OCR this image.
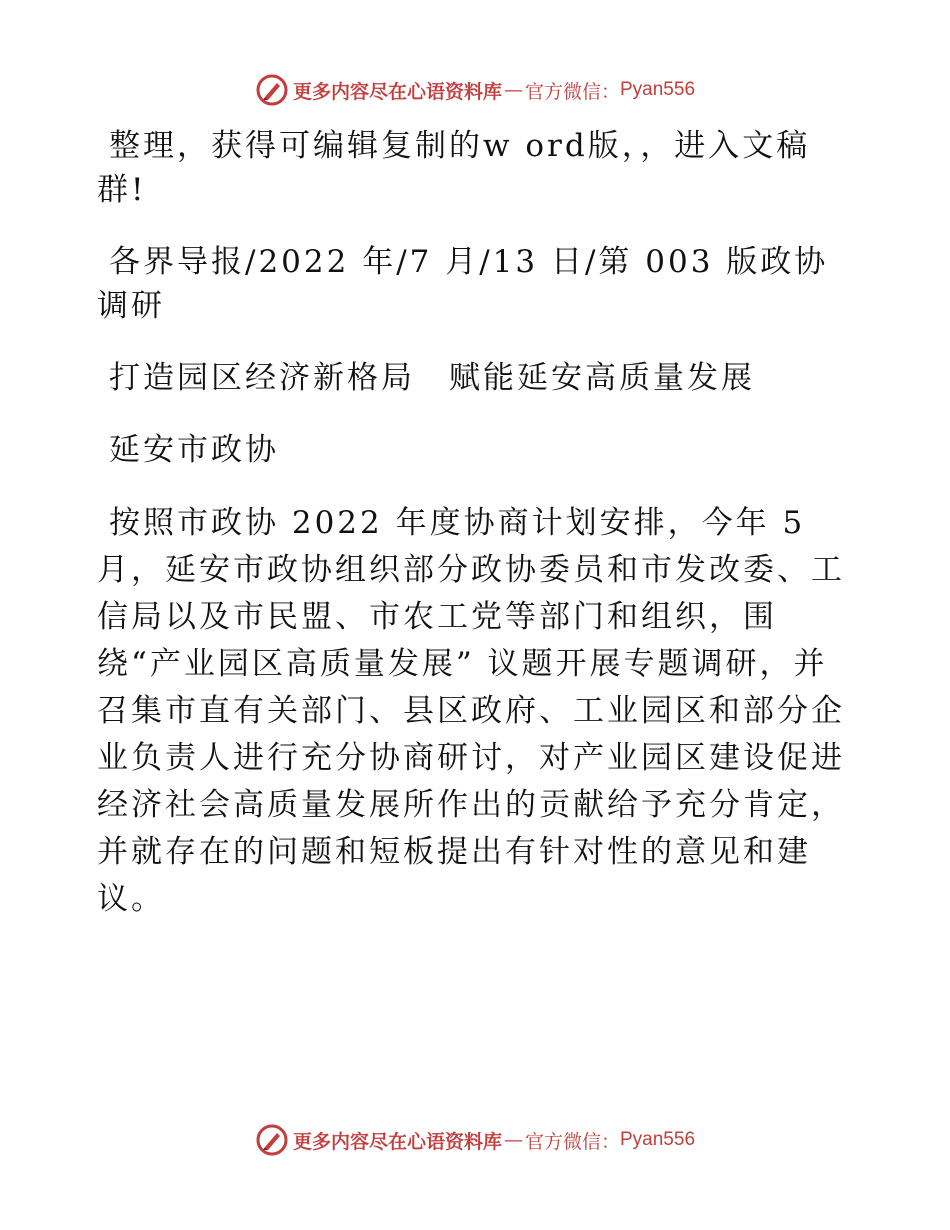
更多内容尽在心语资料库 — 官方微信： Pyan556

整理，获得可编辑复制的w ord版，，进入文稿群!

各界导报/2022 年/7 月/13 日/第 003 版政协调研

打造园区经济新格局　赋能延安高质量发展

延安市政协

按照市政协 2022 年度协商计划安排，今年 5 月，延安市政协组织部分政协委员和市发改委、工信局以及市民盟、市农工党等部门和组织，围绕“产业园区高质量发展” 议题开展专题调研，并召集市直有关部门、县区政府、工业园区和部分企业负责人进行充分协商研讨，对产业园区建设促进经济社会高质量发展所作出的贡献给予充分肯定，并就存在的问题和短板提出有针对性的意见和建议。

更多内容尽在心语资料库 — 官方微信： Pyan556
